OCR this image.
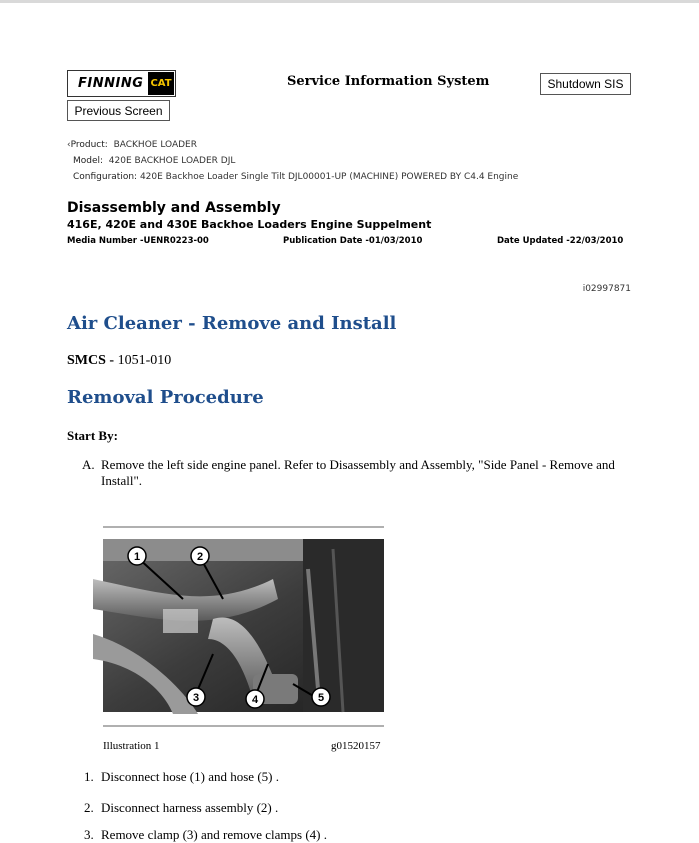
FINNING CAT	Service Information System	Shutdown SIS
Previous Screen
‹Product: BACKHOE LOADER
Model: 420E BACKHOE LOADER DJL
Configuration: 420E Backhoe Loader Single Tilt DJL00001-UP (MACHINE) POWERED BY C4.4 Engine
Disassembly and Assembly
416E, 420E and 430E Backhoe Loaders Engine Suppelment
Media Number -UENR0223-00	Publication Date -01/03/2010	Date Updated -22/03/2010
i02997871
Air Cleaner - Remove and Install
SMCS - 1051-010
Removal Procedure
Start By:
A. Remove the left side engine panel. Refer to Disassembly and Assembly, "Side Panel - Remove and Install".
1	2
3	4	5
Illustration 1	g01520157
1. Disconnect hose (1) and hose (5) .
2. Disconnect harness assembly (2) .
3. Remove clamp (3) and remove clamps (4) .
